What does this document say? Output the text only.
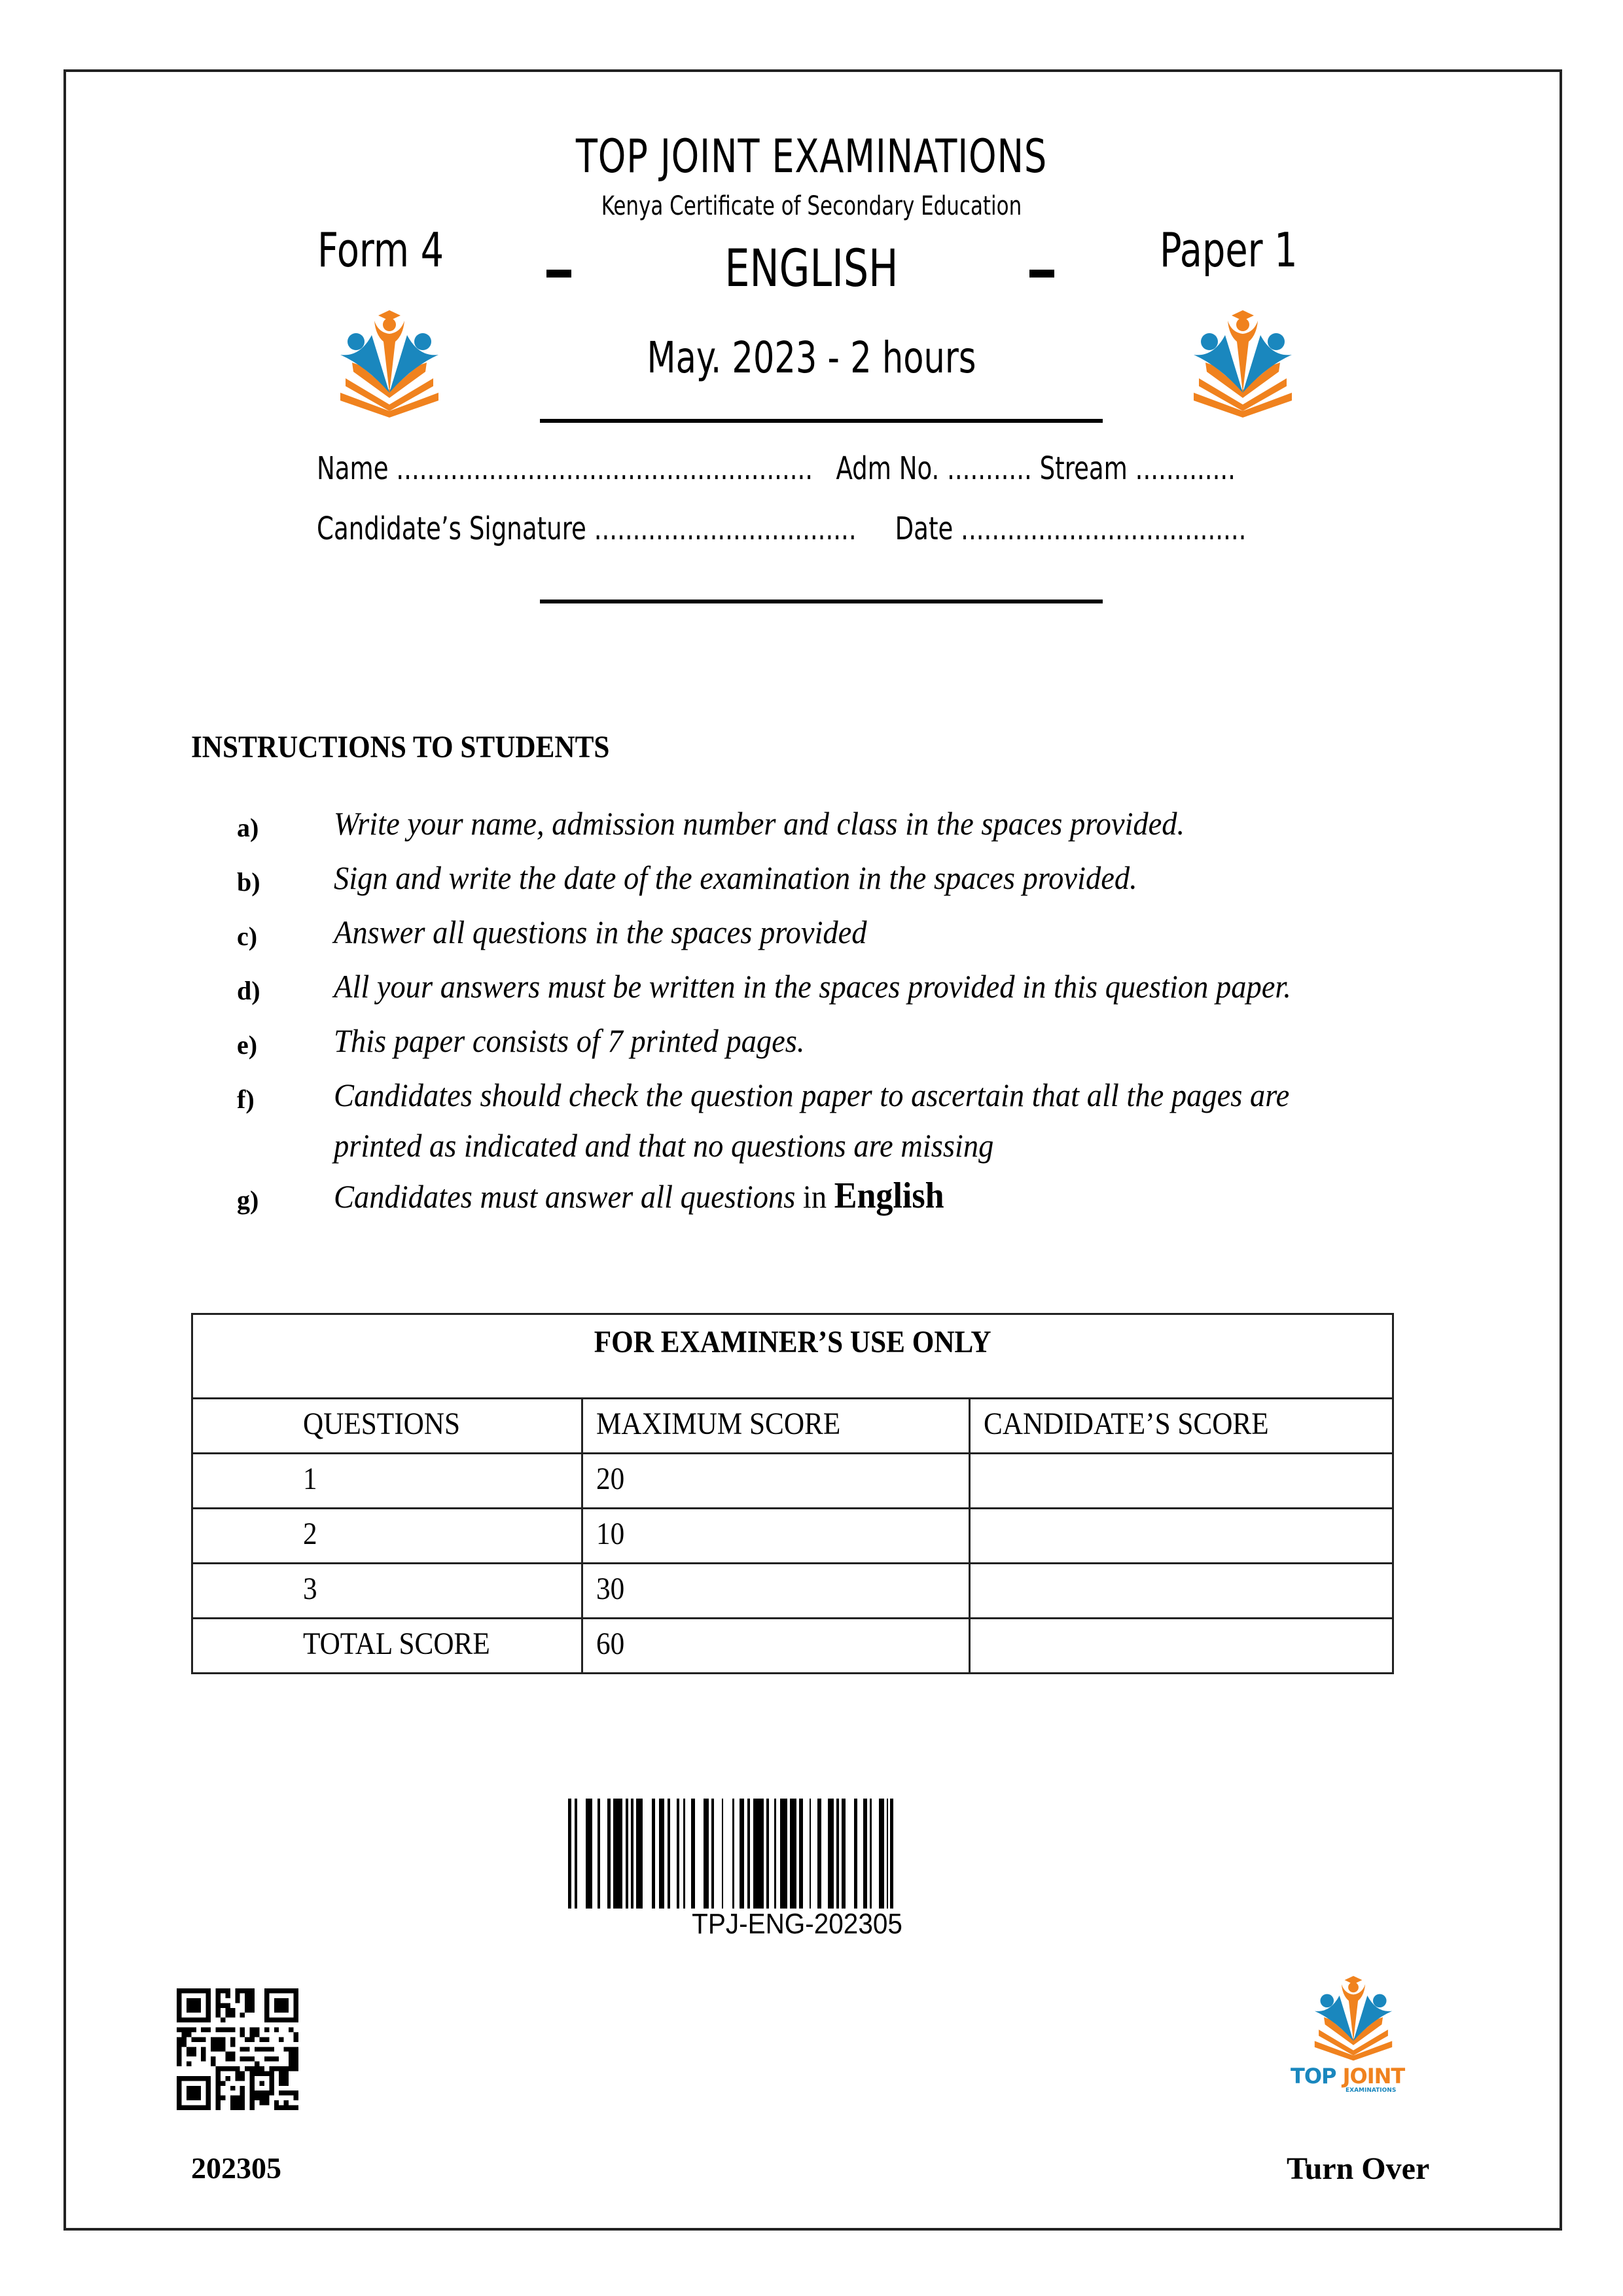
TOP JOINT EXAMINATIONS
Kenya Certificate of Secondary Education
Form 4	ENGLISH	Paper 1
May. 2023 - 2 hours
Name ...................................................... Adm No. ........... Stream .............
Candidate’s Signature .................................. Date .....................................
INSTRUCTIONS TO STUDENTS
a)	Write your name, admission number and class in the spaces provided.
b)	Sign and write the date of the examination in the spaces provided.
c)	Answer all questions in the spaces provided
d)	All your answers must be written in the spaces provided in this question paper.
e)	This paper consists of 7 printed pages.
f)	Candidates should check the question paper to ascertain that all the pages are
printed as indicated and that no questions are missing
g)	Candidates must answer all questions in English
FOR EXAMINER’S USE ONLY		
QUESTIONS	MAXIMUM SCORE	CANDIDATE’S SCORE
1	20	
2	10	
3	30	
TOTAL SCORE	60	
TPJ-ENG-202305
202305
TOP JOINT
EXAMINATIONS
Turn Over
